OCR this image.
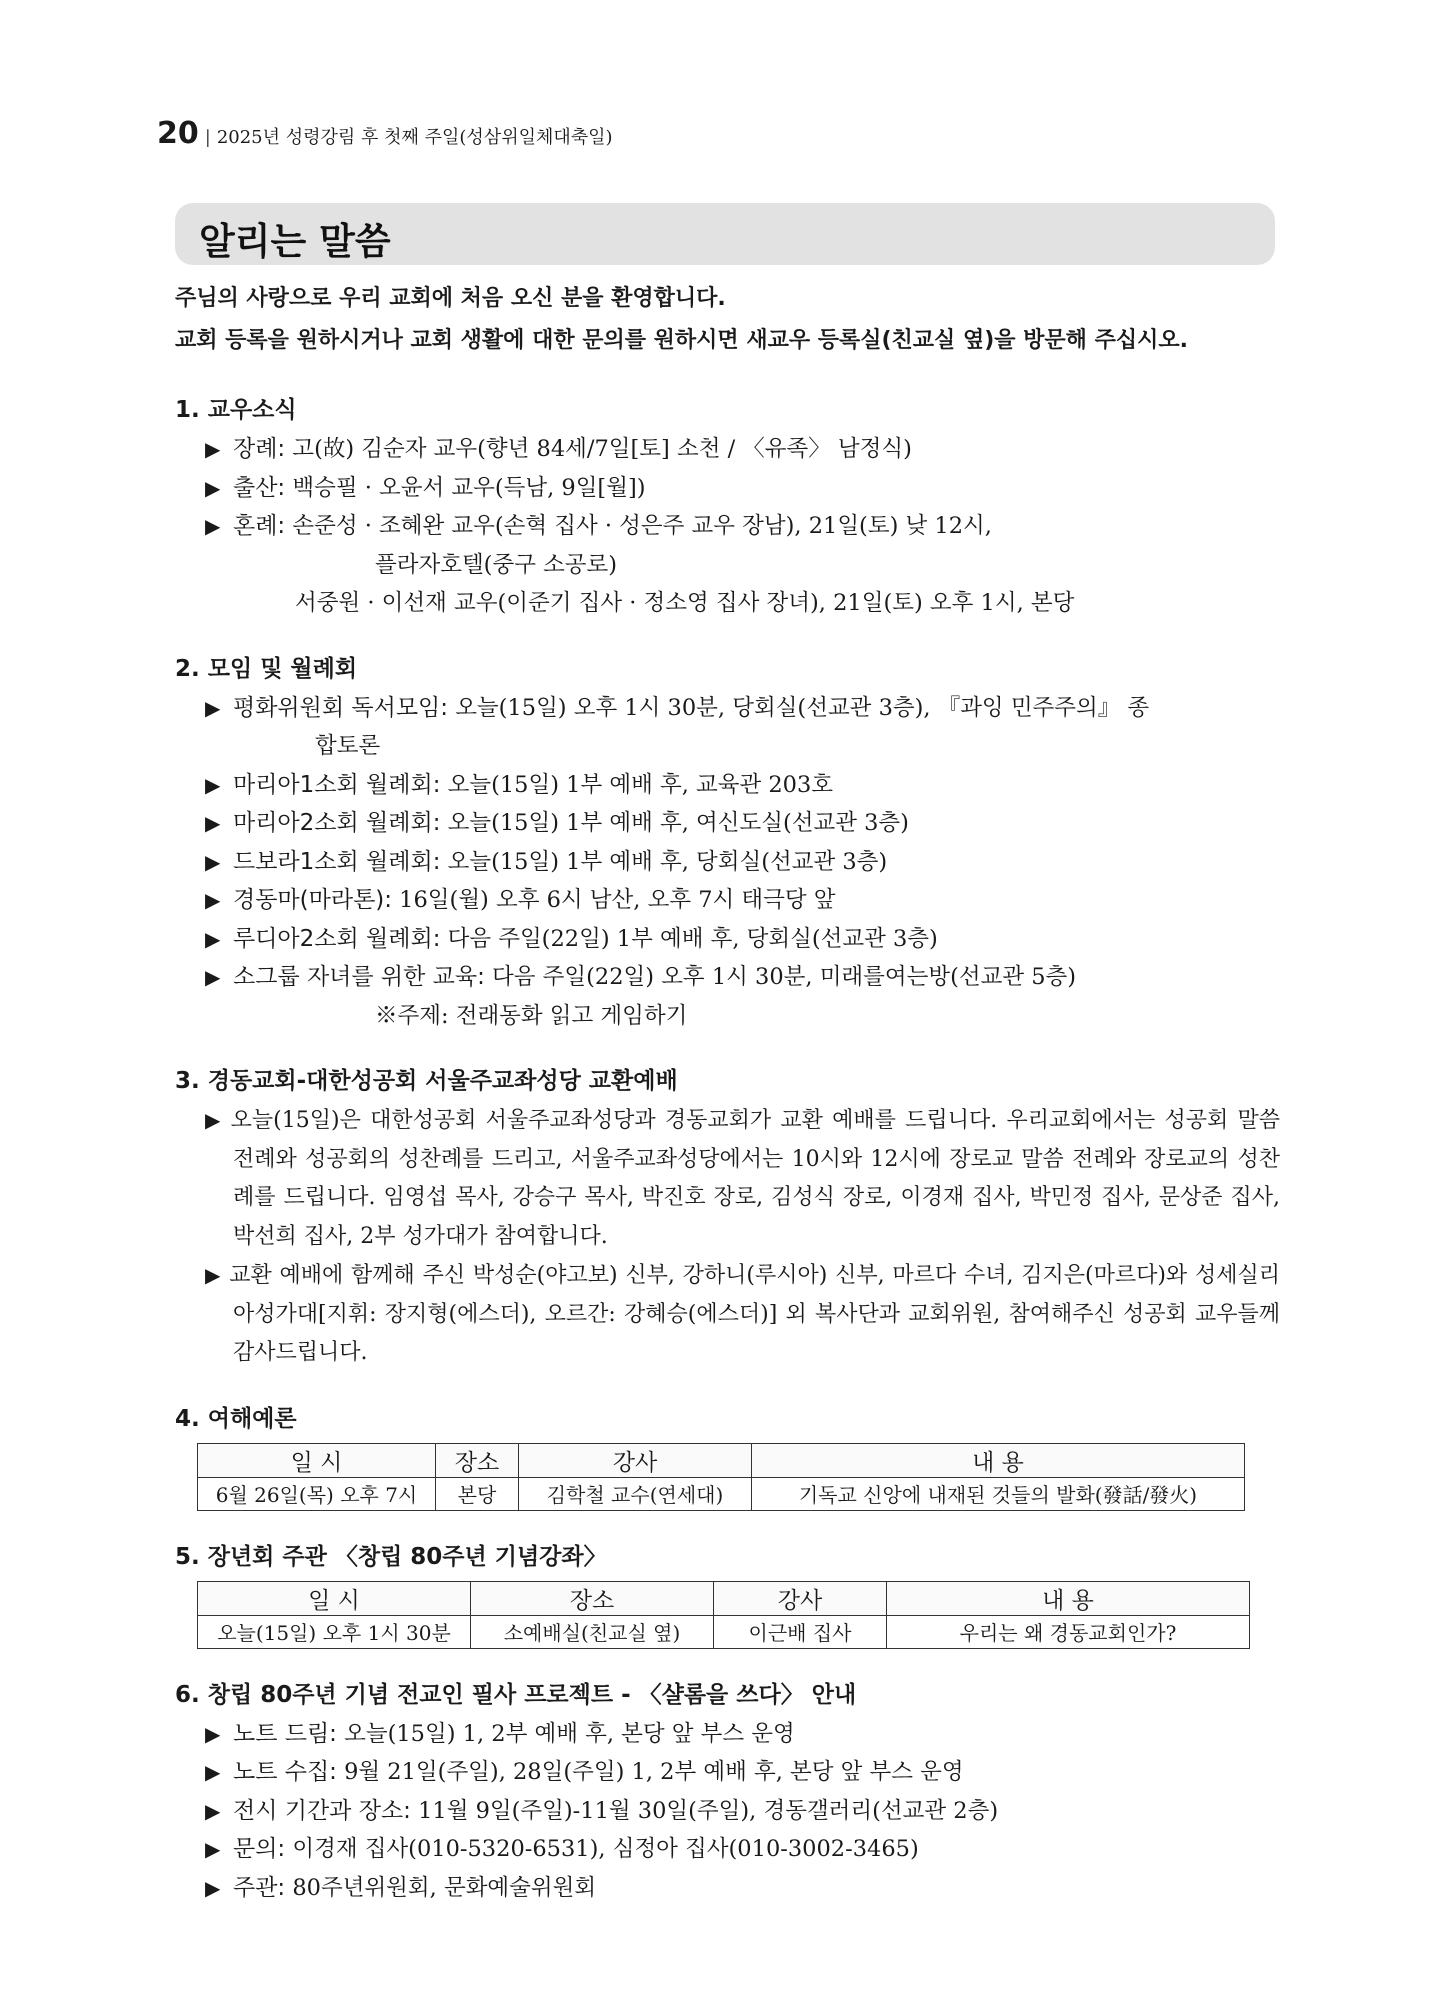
20 | 2025년 성령강림 후 첫째 주일(성삼위일체대축일)
알리는 말씀
주님의 사랑으로 우리 교회에 처음 오신 분을 환영합니다.
교회 등록을 원하시거나 교회 생활에 대한 문의를 원하시면 새교우 등록실(친교실 옆)을 방문해 주십시오.
1. 교우소식
▶ 장례: 고(故) 김순자 교우(향년 84세/7일[토] 소천 / 〈유족〉 남정식)
▶ 출산: 백승필 · 오윤서 교우(득남, 9일[월])
▶ 혼례: 손준성 · 조혜완 교우(손혁 집사 · 성은주 교우 장남), 21일(토) 낮 12시,
플라자호텔(중구 소공로)
서중원 · 이선재 교우(이준기 집사 · 정소영 집사 장녀), 21일(토) 오후 1시, 본당
2. 모임 및 월례회
▶ 평화위원회 독서모임: 오늘(15일) 오후 1시 30분, 당회실(선교관 3층), 『과잉 민주주의』 종
합토론
▶ 마리아1소회 월례회: 오늘(15일) 1부 예배 후, 교육관 203호
▶ 마리아2소회 월례회: 오늘(15일) 1부 예배 후, 여신도실(선교관 3층)
▶ 드보라1소회 월례회: 오늘(15일) 1부 예배 후, 당회실(선교관 3층)
▶ 경동마(마라톤): 16일(월) 오후 6시 남산, 오후 7시 태극당 앞
▶ 루디아2소회 월례회: 다음 주일(22일) 1부 예배 후, 당회실(선교관 3층)
▶ 소그룹 자녀를 위한 교육: 다음 주일(22일) 오후 1시 30분, 미래를여는방(선교관 5층)
※주제: 전래동화 읽고 게임하기
3. 경동교회-대한성공회 서울주교좌성당 교환예배
▶ 오늘(15일)은 대한성공회 서울주교좌성당과 경동교회가 교환 예배를 드립니다. 우리교회에서는 성공회 말씀 전례와 성공회의 성찬례를 드리고, 서울주교좌성당에서는 10시와 12시에 장로교 말씀 전례와 장로교의 성찬례를 드립니다. 임영섭 목사, 강승구 목사, 박진호 장로, 김성식 장로, 이경재 집사, 박민정 집사, 문상준 집사, 박선희 집사, 2부 성가대가 참여합니다.
▶ 교환 예배에 함께해 주신 박성순(야고보) 신부, 강하니(루시아) 신부, 마르다 수녀, 김지은(마르다)와 성세실리아성가대[지휘: 장지형(에스더), 오르간: 강혜승(에스더)] 외 복사단과 교회위원, 참여해주신 성공회 교우들께 감사드립니다.
4. 여해예론
일 시	장소	강사	내 용
6월 26일(목) 오후 7시	본당	김학철 교수(연세대)	기독교 신앙에 내재된 것들의 발화(發話/發火)
5. 장년회 주관 〈창립 80주년 기념강좌〉
일 시	장소	강사	내 용
오늘(15일) 오후 1시 30분	소예배실(친교실 옆)	이근배 집사	우리는 왜 경동교회인가?
6. 창립 80주년 기념 전교인 필사 프로젝트 - 〈샬롬을 쓰다〉 안내
▶ 노트 드림: 오늘(15일) 1, 2부 예배 후, 본당 앞 부스 운영
▶ 노트 수집: 9월 21일(주일), 28일(주일) 1, 2부 예배 후, 본당 앞 부스 운영
▶ 전시 기간과 장소: 11월 9일(주일)-11월 30일(주일), 경동갤러리(선교관 2층)
▶ 문의: 이경재 집사(010-5320-6531), 심정아 집사(010-3002-3465)
▶ 주관: 80주년위원회, 문화예술위원회
